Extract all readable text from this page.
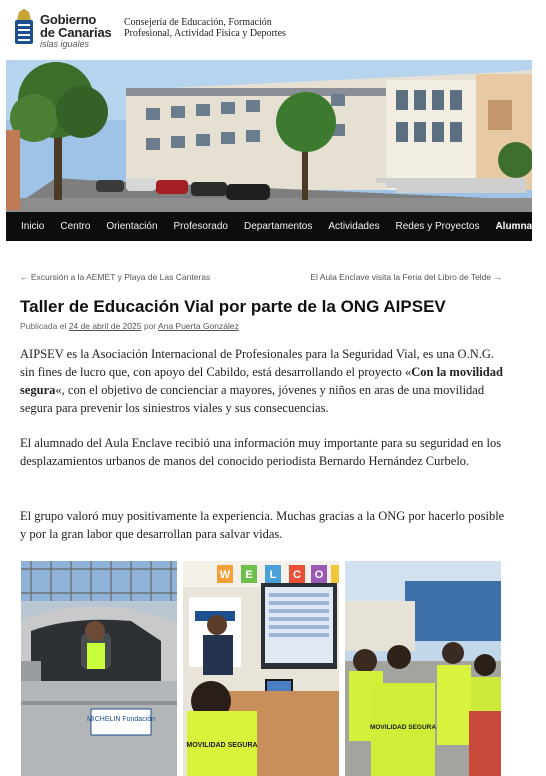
Gobierno
de Canarias
islas iguales
Consejería de Educación, Formación
Profesional, Actividad Física y Deportes
Inicio	Centro	Orientación	Profesorado	Departamentos	Actividades	Redes y Proyectos	Alumnado
← Excursión a la AEMET y Playa de Las Canteras	El Aula Enclave visita la Feria del Libro de Telde →
Taller de Educación Vial por parte de la ONG AIPSEV
Publicada el 24 de abril de 2025 por Ana Puerta González

AIPSEV es la Asociación Internacional de Profesionales para la Seguridad Vial, es una O.N.G. sin fines de lucro que, con apoyo del Cabildo, está desarrollando el proyecto «Con la movilidad segura«, con el objetivo de concienciar a mayores, jóvenes y niños en aras de una movilidad segura para prevenir los siniestros viales y sus consecuencias.

El alumnado del Aula Enclave recibió una información muy importante para su seguridad en los desplazamientos urbanos de manos del conocido periodista Bernardo Hernández Curbelo.

El grupo valoró muy positivamente la experiencia. Muchas gracias a la ONG por hacerlo posible y por la gran labor que desarrollan para salvar vidas.

MICHELIN Fundación
W E L C O
MOVILIDAD SEGURA
MOVILIDAD SEGURA
